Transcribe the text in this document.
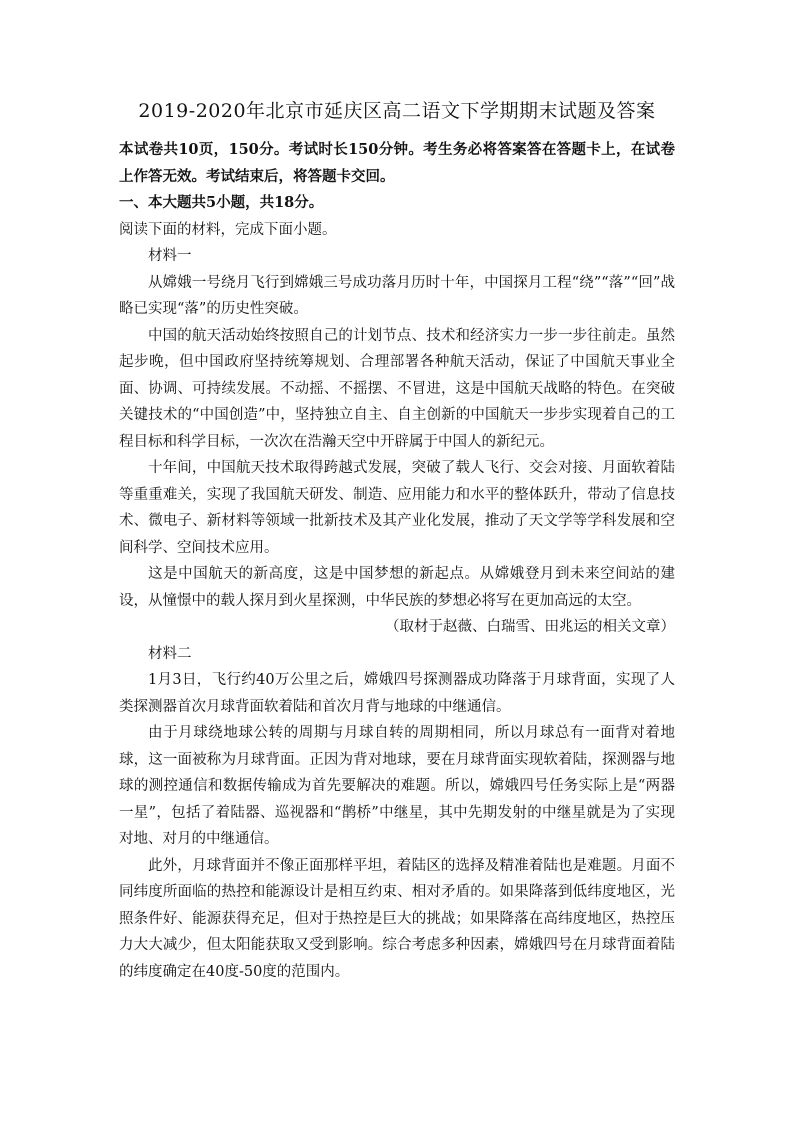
2019-2020年北京市延庆区高二语文下学期期末试题及答案

本试卷共10页，150分。考试时长150分钟。考生务必将答案答在答题卡上，在试卷上作答无效。考试结束后，将答题卡交回。

一、本大题共5小题，共18分。

阅读下面的材料，完成下面小题。

材料一

从嫦娥一号绕月飞行到嫦娥三号成功落月历时十年，中国探月工程“绕”“落”“回”战略已实现“落”的历史性突破。

中国的航天活动始终按照自己的计划节点、技术和经济实力一步一步往前走。虽然起步晚，但中国政府坚持统筹规划、合理部署各种航天活动，保证了中国航天事业全面、协调、可持续发展。不动摇、不摇摆、不冒进，这是中国航天战略的特色。在突破关键技术的“中国创造”中，坚持独立自主、自主创新的中国航天一步步实现着自己的工程目标和科学目标，一次次在浩瀚天空中开辟属于中国人的新纪元。

十年间，中国航天技术取得跨越式发展，突破了载人飞行、交会对接、月面软着陆等重重难关，实现了我国航天研发、制造、应用能力和水平的整体跃升，带动了信息技术、微电子、新材料等领域一批新技术及其产业化发展，推动了天文学等学科发展和空间科学、空间技术应用。

这是中国航天的新高度，这是中国梦想的新起点。从嫦娥登月到未来空间站的建设，从憧憬中的载人探月到火星探测，中华民族的梦想必将写在更加高远的太空。

（取材于赵薇、白瑞雪、田兆运的相关文章）

材料二

1月3日，飞行约40万公里之后，嫦娥四号探测器成功降落于月球背面，实现了人类探测器首次月球背面软着陆和首次月背与地球的中继通信。

由于月球绕地球公转的周期与月球自转的周期相同，所以月球总有一面背对着地球，这一面被称为月球背面。正因为背对地球，要在月球背面实现软着陆，探测器与地球的测控通信和数据传输成为首先要解决的难题。所以，嫦娥四号任务实际上是“两器一星”，包括了着陆器、巡视器和“鹊桥”中继星，其中先期发射的中继星就是为了实现对地、对月的中继通信。

此外，月球背面并不像正面那样平坦，着陆区的选择及精准着陆也是难题。月面不同纬度所面临的热控和能源设计是相互约束、相对矛盾的。如果降落到低纬度地区，光照条件好、能源获得充足，但对于热控是巨大的挑战；如果降落在高纬度地区，热控压力大大减少，但太阳能获取又受到影响。综合考虑多种因素，嫦娥四号在月球背面着陆的纬度确定在40度-50度的范围内。
